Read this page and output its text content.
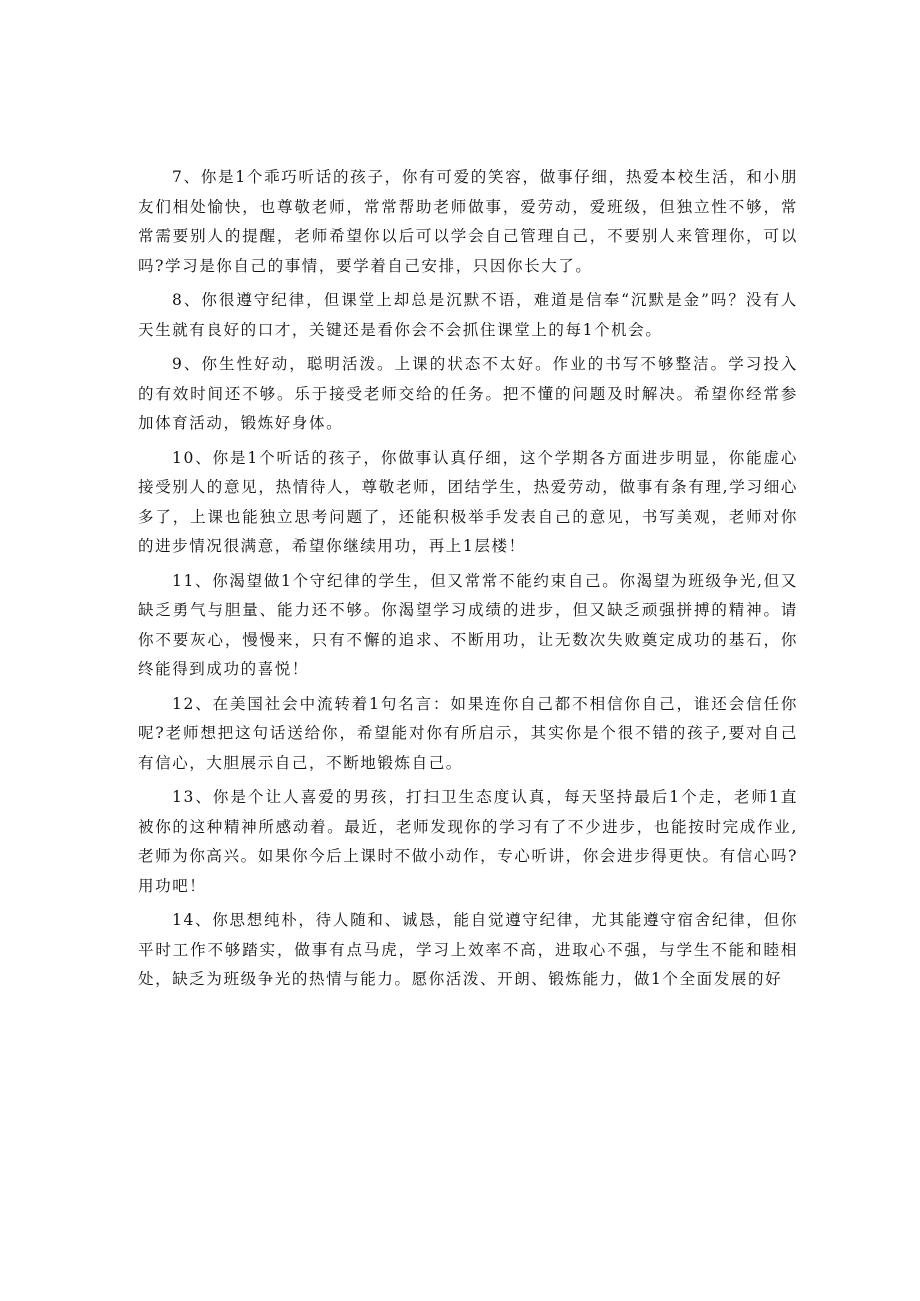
7、你是1个乖巧听话的孩子，你有可爱的笑容，做事仔细，热爱本校生活，和小朋友们相处愉快，也尊敬老师，常常帮助老师做事，爱劳动，爱班级，但独立性不够，常常需要别人的提醒，老师希望你以后可以学会自己管理自己，不要别人来管理你，可以吗?学习是你自己的事情，要学着自己安排，只因你长大了。

8、你很遵守纪律，但课堂上却总是沉默不语，难道是信奉“沉默是金”吗？没有人天生就有良好的口才，关键还是看你会不会抓住课堂上的每1个机会。

9、你生性好动，聪明活泼。上课的状态不太好。作业的书写不够整洁。学习投入的有效时间还不够。乐于接受老师交给的任务。把不懂的问题及时解决。希望你经常参加体育活动，锻炼好身体。

10、你是1个听话的孩子，你做事认真仔细，这个学期各方面进步明显，你能虚心接受别人的意见，热情待人，尊敬老师，团结学生，热爱劳动，做事有条有理,学习细心多了，上课也能独立思考问题了，还能积极举手发表自己的意见，书写美观，老师对你的进步情况很满意，希望你继续用功，再上1层楼！

11、你渴望做1个守纪律的学生，但又常常不能约束自己。你渴望为班级争光,但又缺乏勇气与胆量、能力还不够。你渴望学习成绩的进步，但又缺乏顽强拼搏的精神。请你不要灰心，慢慢来，只有不懈的追求、不断用功，让无数次失败奠定成功的基石，你终能得到成功的喜悦！

12、在美国社会中流转着1句名言：如果连你自己都不相信你自己，谁还会信任你呢?老师想把这句话送给你，希望能对你有所启示，其实你是个很不错的孩子,要对自己有信心，大胆展示自己，不断地锻炼自己。

13、你是个让人喜爱的男孩，打扫卫生态度认真，每天坚持最后1个走，老师1直被你的这种精神所感动着。最近，老师发现你的学习有了不少进步，也能按时完成作业,老师为你高兴。如果你今后上课时不做小动作，专心听讲，你会进步得更快。有信心吗?用功吧！

14、你思想纯朴，待人随和、诚恳，能自觉遵守纪律，尤其能遵守宿舍纪律，但你平时工作不够踏实，做事有点马虎，学习上效率不高，进取心不强，与学生不能和睦相处，缺乏为班级争光的热情与能力。愿你活泼、开朗、锻炼能力，做1个全面发展的好
